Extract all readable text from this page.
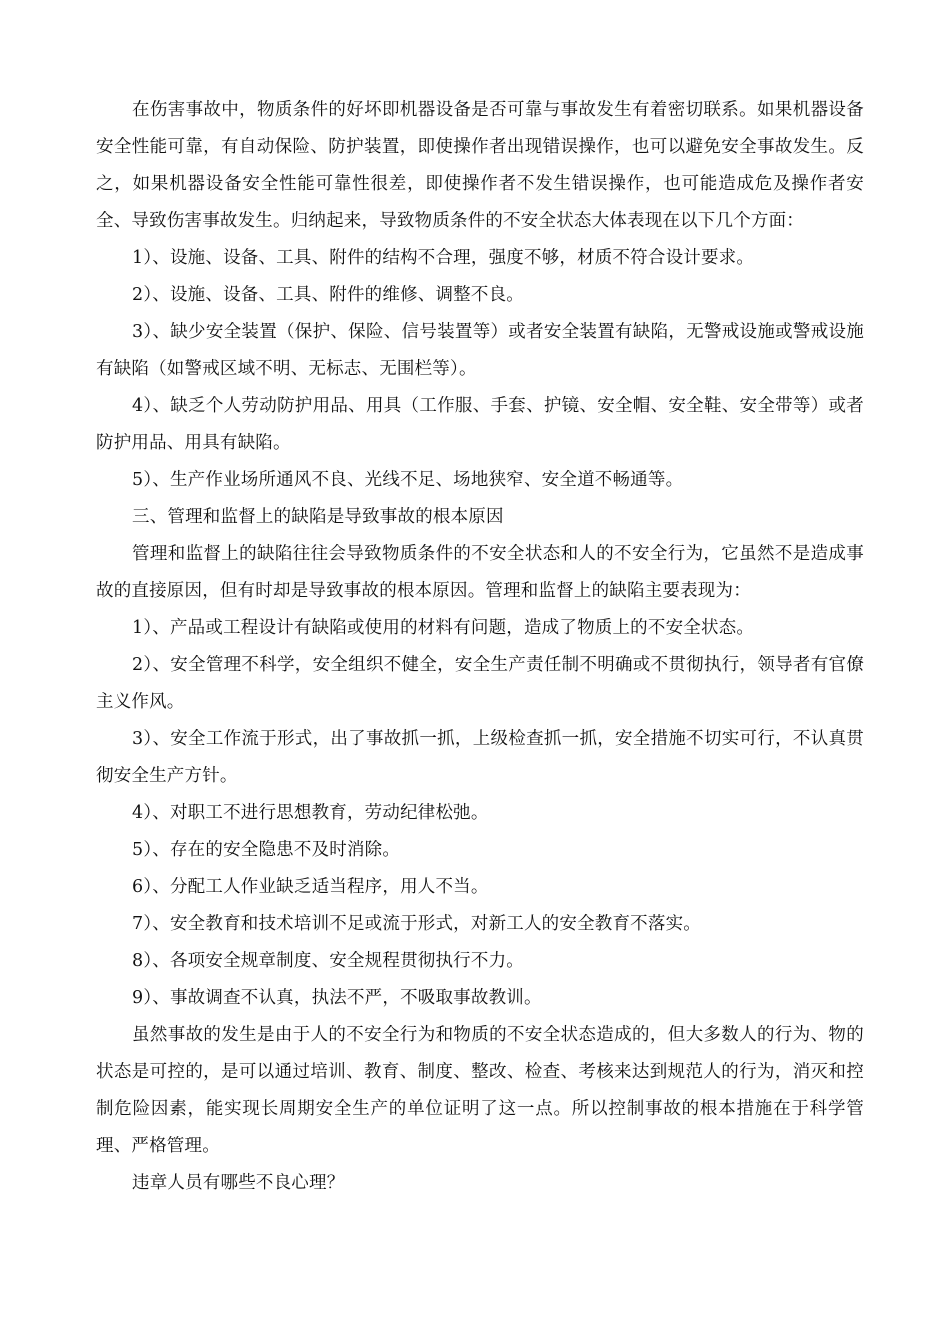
在伤害事故中，物质条件的好坏即机器设备是否可靠与事故发生有着密切联系。如果机器设备安全性能可靠，有自动保险、防护装置，即使操作者出现错误操作，也可以避免安全事故发生。反之，如果机器设备安全性能可靠性很差，即使操作者不发生错误操作，也可能造成危及操作者安全、导致伤害事故发生。归纳起来，导致物质条件的不安全状态大体表现在以下几个方面：

1）、设施、设备、工具、附件的结构不合理，强度不够，材质不符合设计要求。

2）、设施、设备、工具、附件的维修、调整不良。

3）、缺少安全装置（保护、保险、信号装置等）或者安全装置有缺陷，无警戒设施或警戒设施有缺陷（如警戒区域不明、无标志、无围栏等）。

4）、缺乏个人劳动防护用品、用具（工作服、手套、护镜、安全帽、安全鞋、安全带等）或者防护用品、用具有缺陷。

5）、生产作业场所通风不良、光线不足、场地狭窄、安全道不畅通等。

三、管理和监督上的缺陷是导致事故的根本原因

管理和监督上的缺陷往往会导致物质条件的不安全状态和人的不安全行为，它虽然不是造成事故的直接原因，但有时却是导致事故的根本原因。管理和监督上的缺陷主要表现为：

1）、产品或工程设计有缺陷或使用的材料有问题，造成了物质上的不安全状态。

2）、安全管理不科学，安全组织不健全，安全生产责任制不明确或不贯彻执行，领导者有官僚主义作风。

3）、安全工作流于形式，出了事故抓一抓，上级检查抓一抓，安全措施不切实可行，不认真贯彻安全生产方针。

4）、对职工不进行思想教育，劳动纪律松弛。

5）、存在的安全隐患不及时消除。

6）、分配工人作业缺乏适当程序，用人不当。

7）、安全教育和技术培训不足或流于形式，对新工人的安全教育不落实。

8）、各项安全规章制度、安全规程贯彻执行不力。

9）、事故调查不认真，执法不严，不吸取事故教训。

虽然事故的发生是由于人的不安全行为和物质的不安全状态造成的，但大多数人的行为、物的状态是可控的，是可以通过培训、教育、制度、整改、检查、考核来达到规范人的行为，消灭和控制危险因素，能实现长周期安全生产的单位证明了这一点。所以控制事故的根本措施在于科学管理、严格管理。

违章人员有哪些不良心理？
